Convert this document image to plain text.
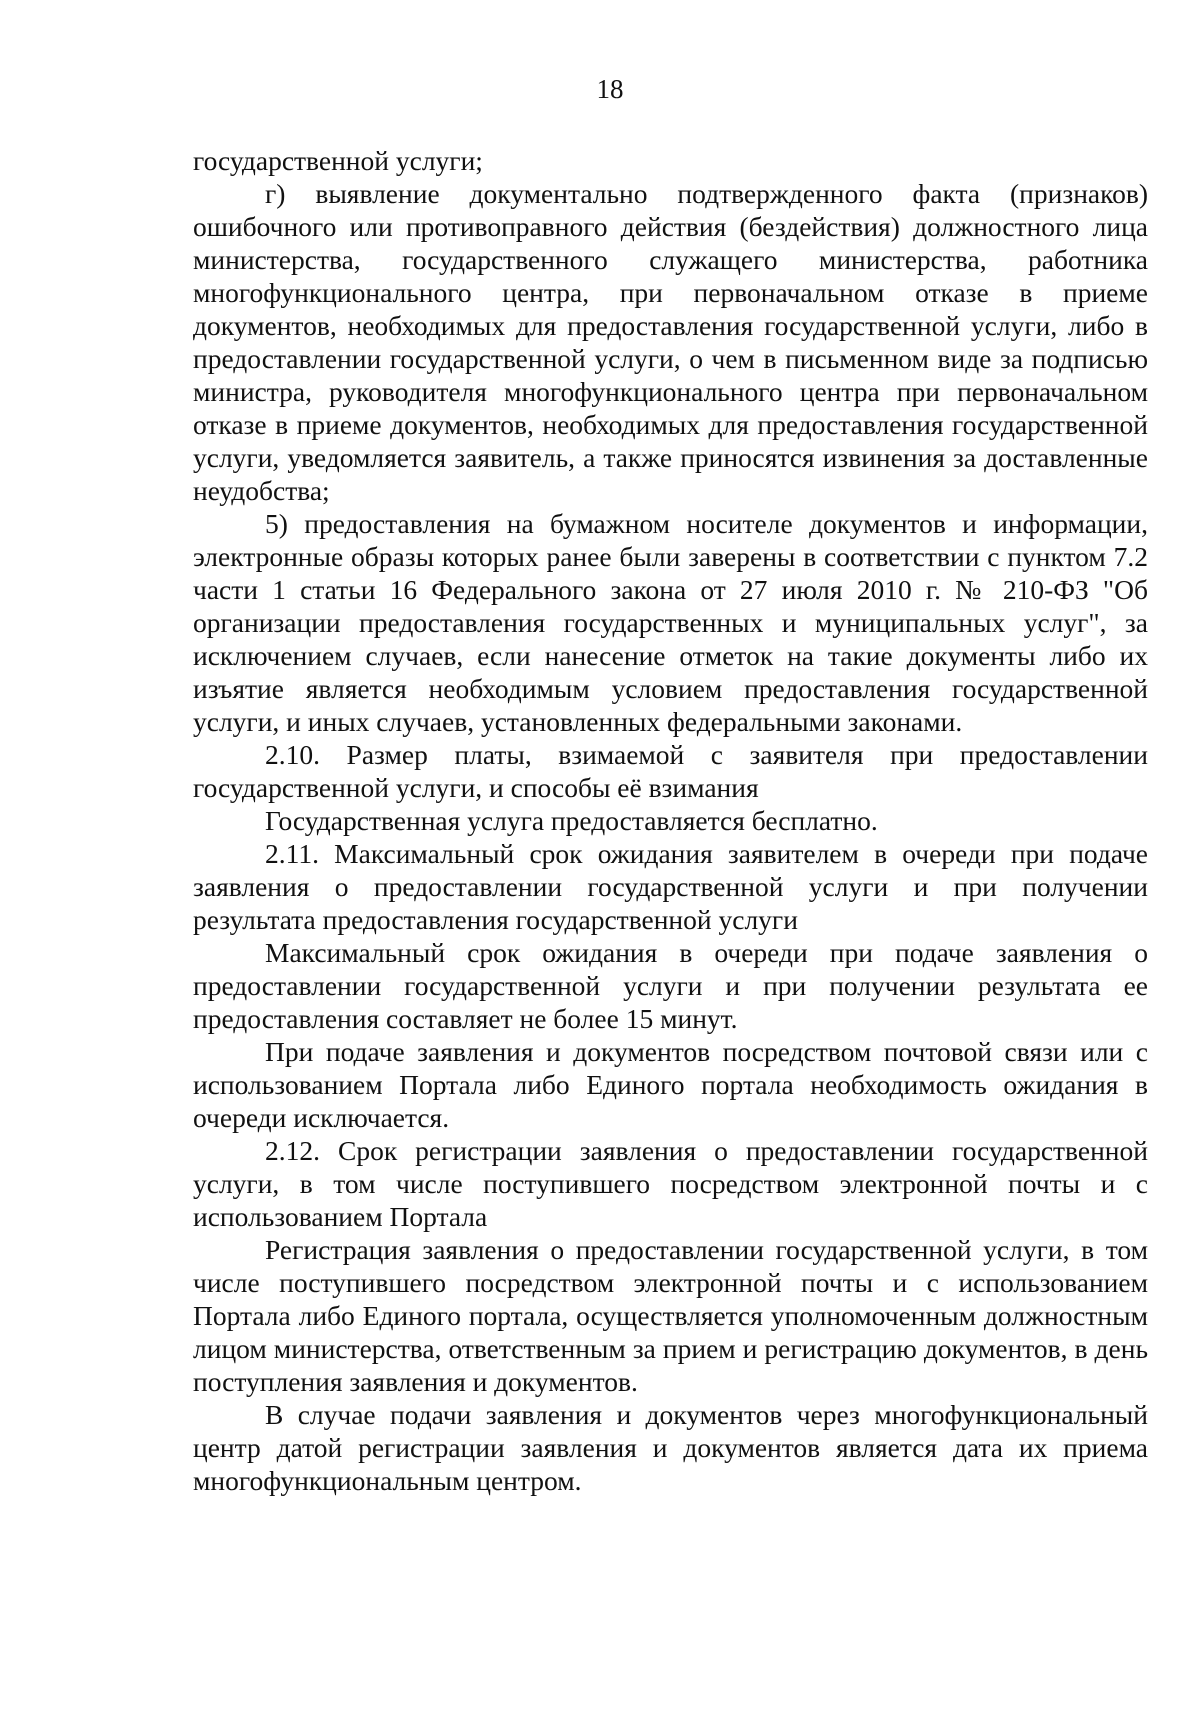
18

государственной услуги;

г) выявление документально подтвержденного факта (признаков) ошибочного или противоправного действия (бездействия) должностного лица министерства, государственного служащего министерства, работника многофункционального центра, при первоначальном отказе в приеме документов, необходимых для предоставления государственной услуги, либо в предоставлении государственной услуги, о чем в письменном виде за подписью министра, руководителя многофункционального центра при первоначальном отказе в приеме документов, необходимых для предоставления государственной услуги, уведомляется заявитель, а также приносятся извинения за доставленные неудобства;

5) предоставления на бумажном носителе документов и информации, электронные образы которых ранее были заверены в соответствии с пунктом 7.2 части 1 статьи 16 Федерального закона от 27 июля 2010 г. № 210-ФЗ "Об организации предоставления государственных и муниципальных услуг", за исключением случаев, если нанесение отметок на такие документы либо их изъятие является необходимым условием предоставления государственной услуги, и иных случаев, установленных федеральными законами.

2.10. Размер платы, взимаемой с заявителя при предоставлении государственной услуги, и способы её взимания

Государственная услуга предоставляется бесплатно.

2.11. Максимальный срок ожидания заявителем в очереди при подаче заявления о предоставлении государственной услуги и при получении результата предоставления государственной услуги

Максимальный срок ожидания в очереди при подаче заявления о предоставлении государственной услуги и при получении результата ее предоставления составляет не более 15 минут.

При подаче заявления и документов посредством почтовой связи или с использованием Портала либо Единого портала необходимость ожидания в очереди исключается.

2.12. Срок регистрации заявления о предоставлении государственной услуги, в том числе поступившего посредством электронной почты и с использованием Портала

Регистрация заявления о предоставлении государственной услуги, в том числе поступившего посредством электронной почты и с использованием Портала либо Единого портала, осуществляется уполномоченным должностным лицом министерства, ответственным за прием и регистрацию документов, в день поступления заявления и документов.

В случае подачи заявления и документов через многофункциональный центр датой регистрации заявления и документов является дата их приема многофункциональным центром.
